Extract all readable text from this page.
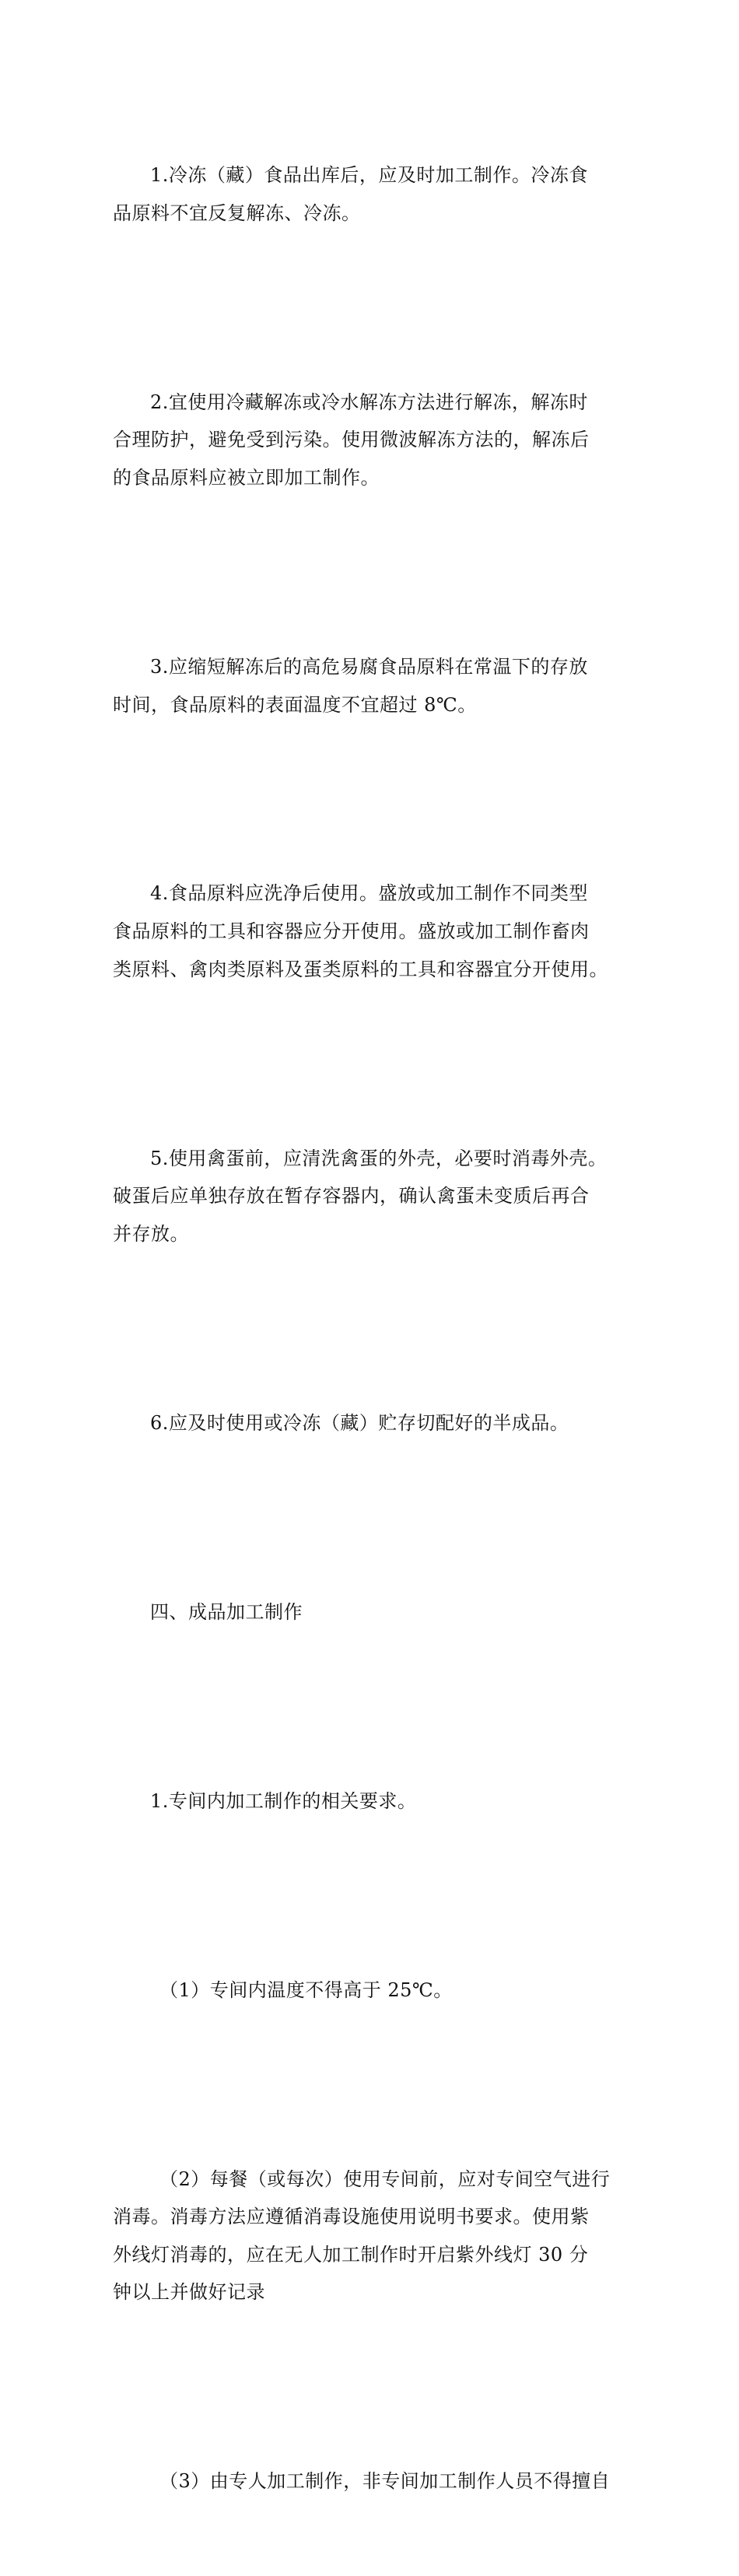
1.冷冻（藏）食品出库后，应及时加工制作。冷冻食
品原料不宜反复解冻、冷冻。

2.宜使用冷藏解冻或冷水解冻方法进行解冻，解冻时
合理防护，避免受到污染。使用微波解冻方法的，解冻后
的食品原料应被立即加工制作。

3.应缩短解冻后的高危易腐食品原料在常温下的存放
时间，食品原料的表面温度不宜超过 8℃。

4.食品原料应洗净后使用。盛放或加工制作不同类型
食品原料的工具和容器应分开使用。盛放或加工制作畜肉
类原料、禽肉类原料及蛋类原料的工具和容器宜分开使用。

5.使用禽蛋前，应清洗禽蛋的外壳，必要时消毒外壳。
破蛋后应单独存放在暂存容器内，确认禽蛋未变质后再合
并存放。

6.应及时使用或冷冻（藏）贮存切配好的半成品。

四、成品加工制作

1.专间内加工制作的相关要求。

（1）专间内温度不得高于 25℃。

（2）每餐（或每次）使用专间前，应对专间空气进行
消毒。消毒方法应遵循消毒设施使用说明书要求。使用紫
外线灯消毒的，应在无人加工制作时开启紫外线灯 30 分
钟以上并做好记录

（3）由专人加工制作，非专间加工制作人员不得擅自
